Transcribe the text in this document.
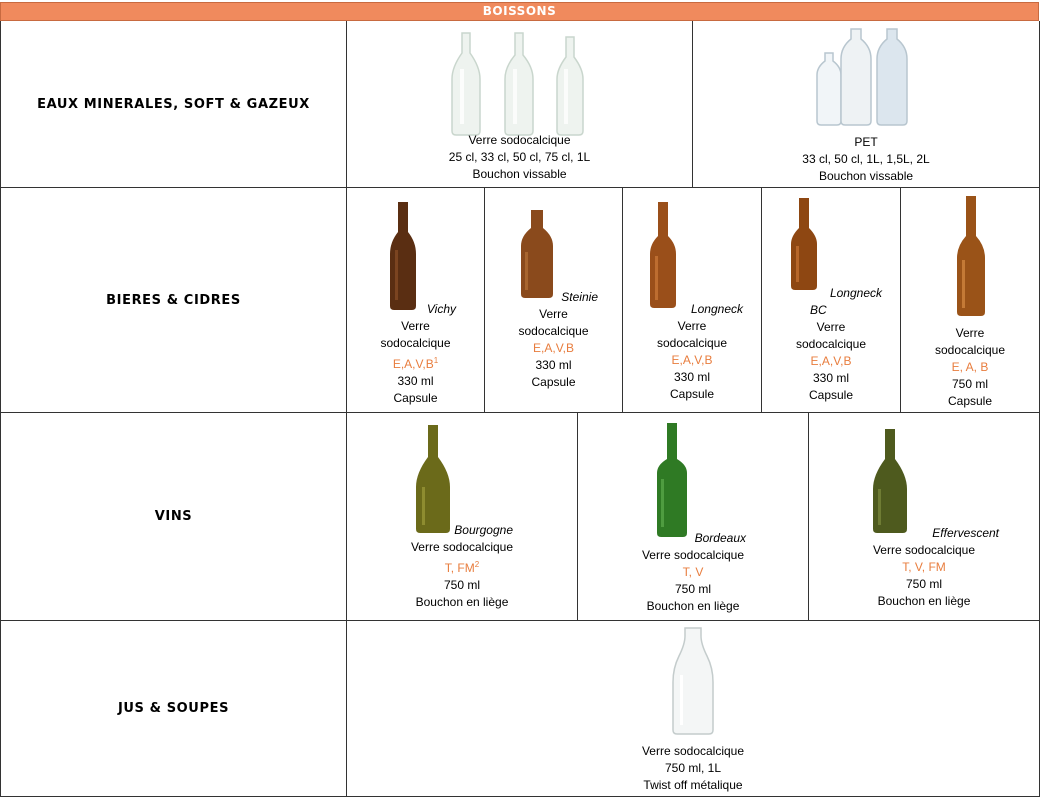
BOISSONS
EAUX MINERALES, SOFT & GAZEUX
Verre sodocalcique
25 cl, 33 cl, 50 cl, 75 cl, 1L
Bouchon vissable
PET
33 cl, 50 cl, 1L, 1,5L, 2L
Bouchon vissable
BIERES & CIDRES
Vichy
Verre
sodocalcique
$E,A,V,B^1$
330 ml
Capsule
Steinie
Verre
sodocalcique
E,A,V,B
330 ml
Capsule
Longneck
Verre
sodocalcique
E,A,V,B
330 ml
Capsule
Longneck
BC
Verre
sodocalcique
E,A,V,B
330 ml
Capsule
Verre
sodocalcique
E, A, B
750 ml
Capsule
VINS
Bourgogne
Verre sodocalcique
T, $FM^2$
750 ml
Bouchon en liège
Bordeaux
Verre sodocalcique
T, V
750 ml
Bouchon en liège
Effervescent
Verre sodocalcique
T, V, FM
750 ml
Bouchon en liège
JUS & SOUPES
Verre sodocalcique
750 ml, 1L
Twist off métalique
